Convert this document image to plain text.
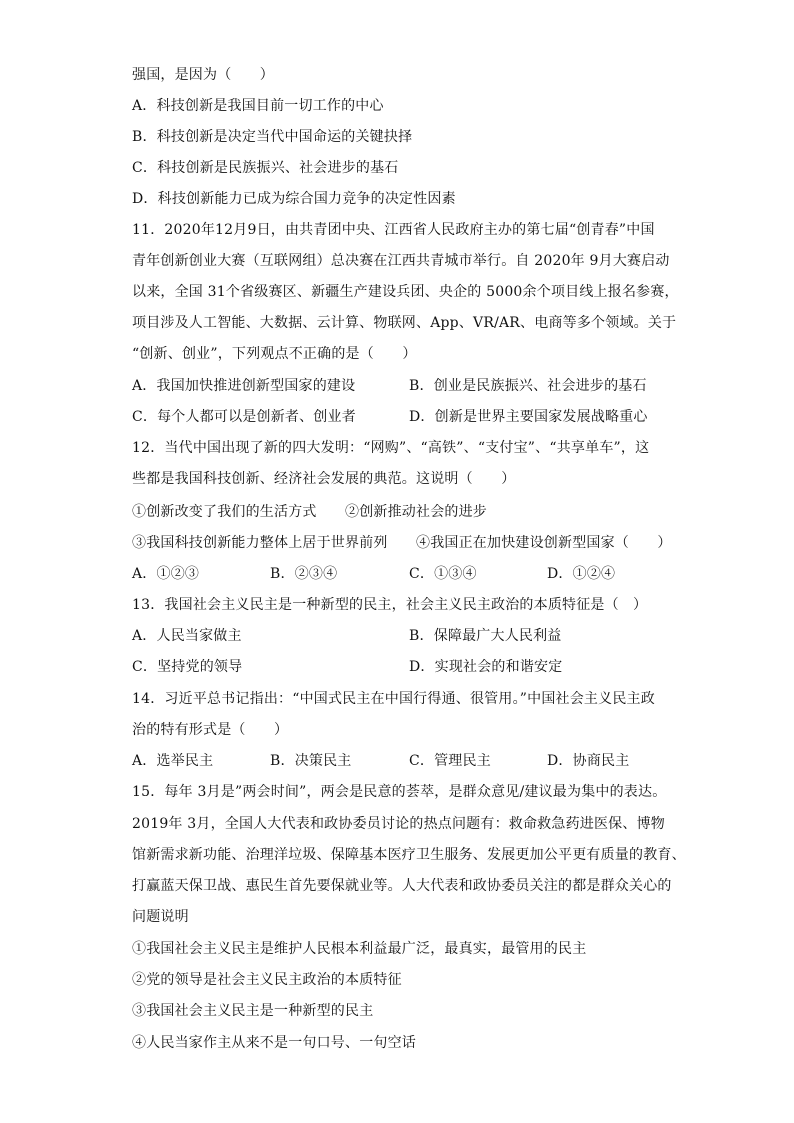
强国，是因为（　　）
A．科技创新是我国目前一切工作的中心
B．科技创新是决定当代中国命运的关键抉择
C．科技创新是民族振兴、社会进步的基石
D．科技创新能力已成为综合国力竞争的决定性因素
11．2020年12月9日，由共青团中央、江西省人民政府主办的第七届“创青春”中国
青年创新创业大赛（互联网组）总决赛在江西共青城市举行。自 2020年 9月大赛启动
以来，全国 31个省级赛区、新疆生产建设兵团、央企的 5000余个项目线上报名参赛，
项目涉及人工智能、大数据、云计算、物联网、App、VR/AR、电商等多个领域。关于
“创新、创业”，下列观点不正确的是（　　）
A．我国加快推进创新型国家的建设	B．创业是民族振兴、社会进步的基石
C．每个人都可以是创新者、创业者	D．创新是世界主要国家发展战略重心
12．当代中国出现了新的四大发明：“网购”、“高铁”、“支付宝”、“共享单车”，这
些都是我国科技创新、经济社会发展的典范。这说明（　　）
①创新改变了我们的生活方式　　②创新推动社会的进步
③我国科技创新能力整体上居于世界前列　　④我国正在加快建设创新型国家（　　）
A．①②③	B．②③④	C．①③④	D．①②④
13．我国社会主义民主是一种新型的民主，社会主义民主政治的本质特征是（　）
A．人民当家做主	B．保障最广大人民利益
C．坚持党的领导	D．实现社会的和谐安定
14．习近平总书记指出：“中国式民主在中国行得通、很管用。”中国社会主义民主政
治的特有形式是（　　）
A．选举民主	B．决策民主	C．管理民主	D．协商民主
15．每年 3月是”两会时间”，两会是民意的荟萃，是群众意见/建议最为集中的表达。
2019年 3月，全国人大代表和政协委员讨论的热点问题有：救命救急药进医保、博物
馆新需求新功能、治理洋垃圾、保障基本医疗卫生服务、发展更加公平更有质量的教育、
打赢蓝天保卫战、惠民生首先要保就业等。人大代表和政协委员关注的都是群众关心的
问题说明
①我国社会主义民主是维护人民根本利益最广泛，最真实，最管用的民主
②党的领导是社会主义民主政治的本质特征
③我国社会主义民主是一种新型的民主
④人民当家作主从来不是一句口号、一句空话
